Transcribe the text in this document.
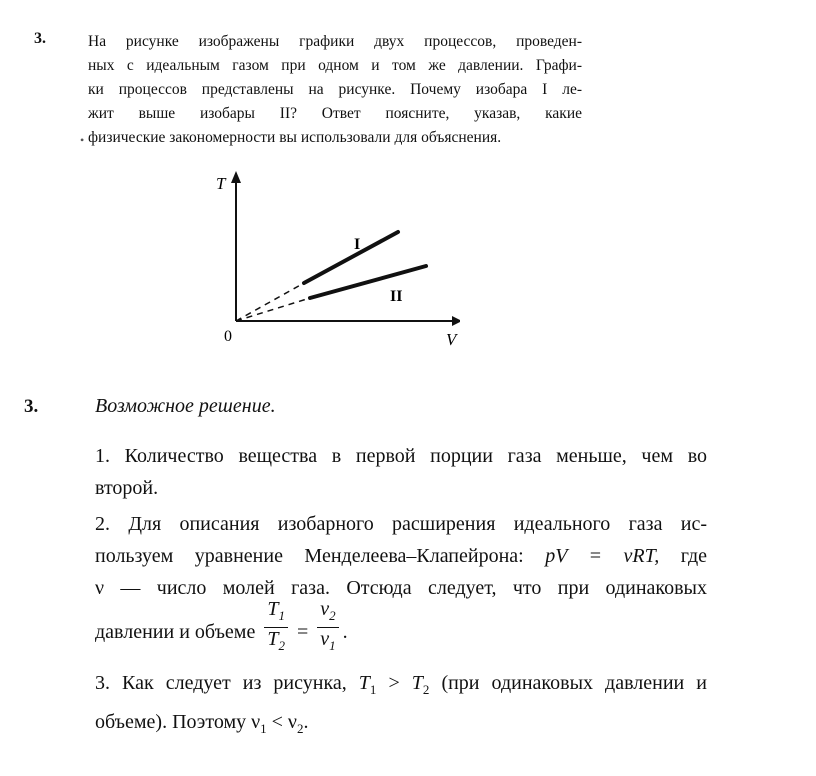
•
3.	На рисунке изображены графики двух процессов, проведен-
ных с идеальным газом при одном и том же давлении. Графи-
ки процессов представлены на рисунке. Почему изобара I ле-
жит выше изобары II? Ответ поясните, указав, какие
физические закономерности вы использовали для объяснения.
T
V
0
I
II
3.	Возможное решение.
1. Количество вещества в первой порции газа меньше, чем во
второй.
2. Для описания изобарного расширения идеального газа ис-
пользуем уравнение Менделеева–Клапейрона: pV = νRT, где
ν — число молей газа. Отсюда следует, что при одинаковых
давлении и объеме $\frac{T_1}{T_2} = \frac{\nu_2}{\nu_1}$ .
3. Как следует из рисунка, $T_1 > T_2$ (при одинаковых давлении и
объеме). Поэтому $\nu_1 < \nu_2$.
